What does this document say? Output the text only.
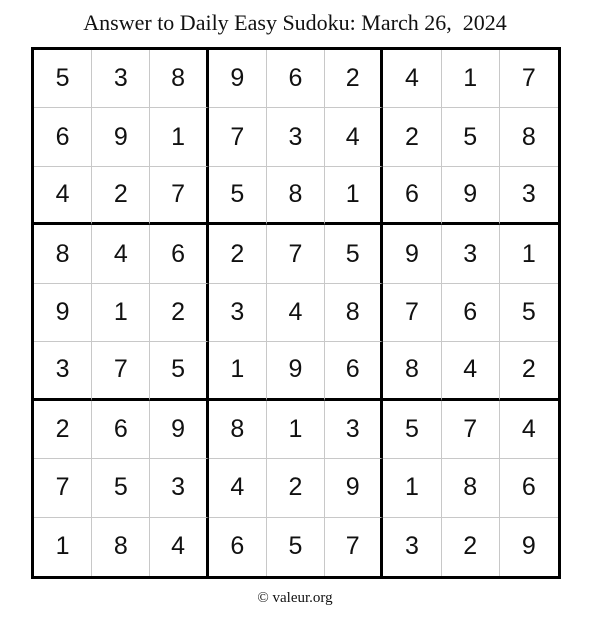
Answer to Daily Easy Sudoku: March 26,  2024
5	3	8	9	6	2	4	1	7
6	9	1	7	3	4	2	5	8
4	2	7	5	8	1	6	9	3
8	4	6	2	7	5	9	3	1
9	1	2	3	4	8	7	6	5
3	7	5	1	9	6	8	4	2
2	6	9	8	1	3	5	7	4
7	5	3	4	2	9	1	8	6
1	8	4	6	5	7	3	2	9
© valeur.org
